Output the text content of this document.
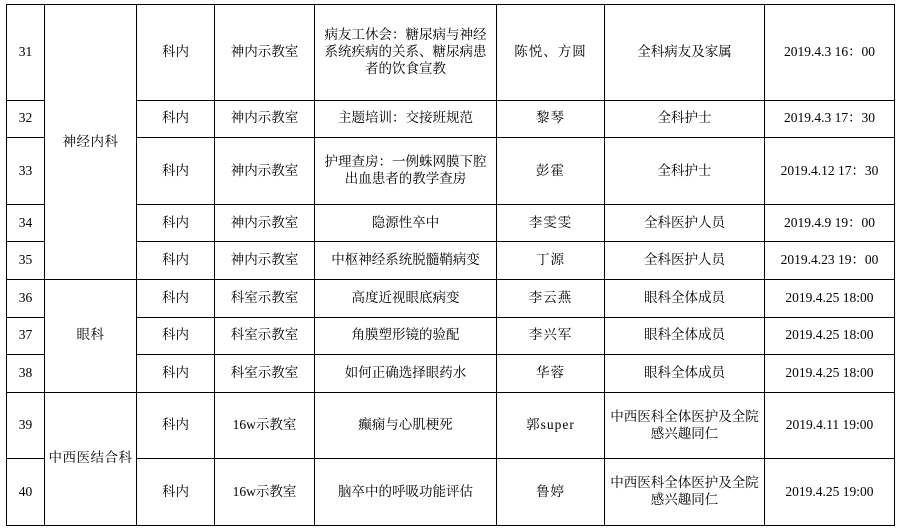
31	神经内科	科内	神内示教室	病友工休会：糖尿病与神经系统疾病的关系、糖尿病患者的饮食宣教	陈悦、方圆	全科病友及家属	2019.4.3 16：00
32		科内	神内示教室	主题培训：交接班规范	黎琴	全科护士	2019.4.3 17：30
33		科内	神内示教室	护理查房：一例蛛网膜下腔出血患者的教学查房	彭霍	全科护士	2019.4.12 17：30
34		科内	神内示教室	隐源性卒中	李雯雯	全科医护人员	2019.4.9 19：00
35		科内	神内示教室	中枢神经系统脱髓鞘病变	丁源	全科医护人员	2019.4.23 19：00
36	眼科	科内	科室示教室	高度近视眼底病变	李云燕	眼科全体成员	2019.4.25 18:00
37		科内	科室示教室	角膜塑形镜的验配	李兴军	眼科全体成员	2019.4.25 18:00
38		科内	科室示教室	如何正确选择眼药水	华蓉	眼科全体成员	2019.4.25 18:00
39	中西医结合科	科内	16w示教室	癫痫与心肌梗死	郭super	中西医科全体医护及全院感兴趣同仁	2019.4.11 19:00
40		科内	16w示教室	脑卒中的呼吸功能评估	鲁婷	中西医科全体医护及全院感兴趣同仁	2019.4.25 19:00
